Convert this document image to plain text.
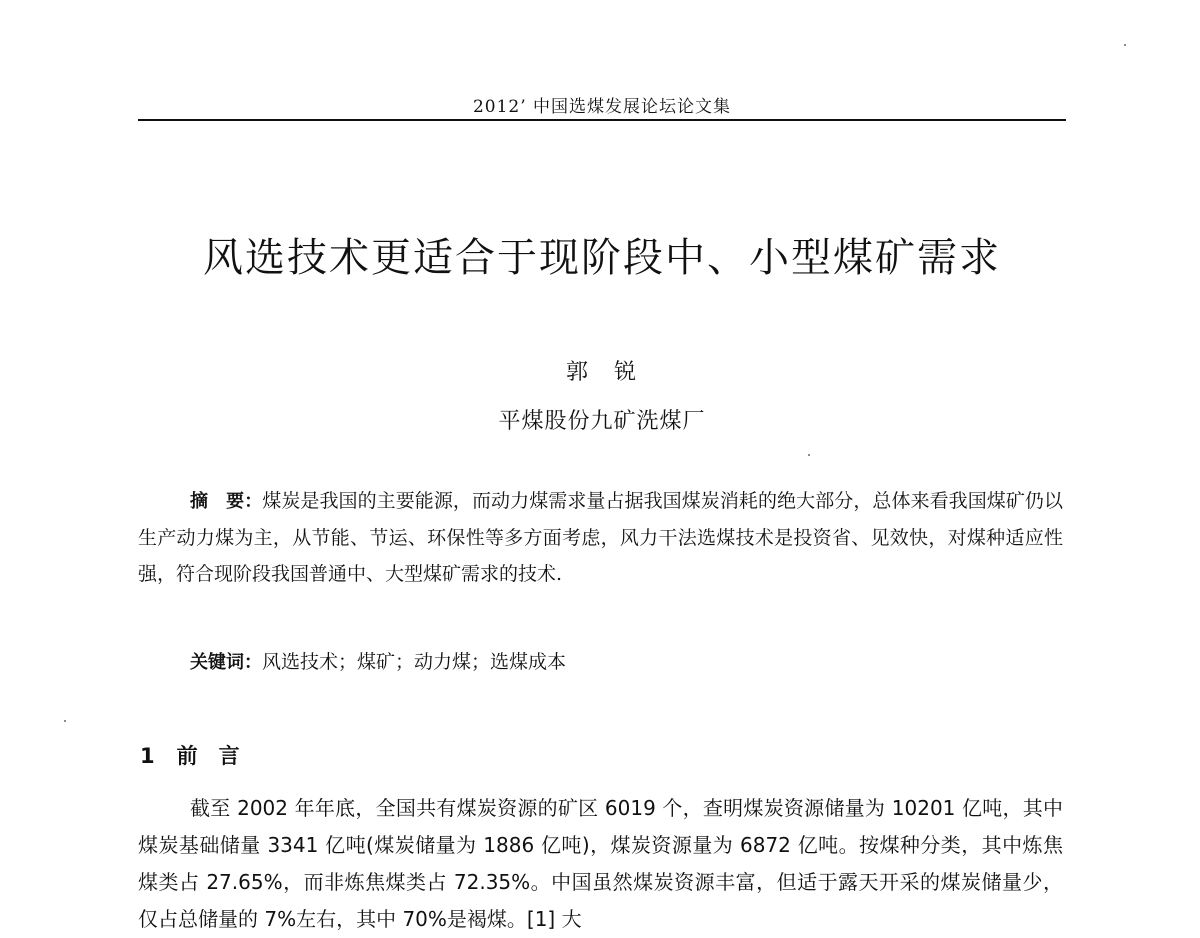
2012’ 中国选煤发展论坛论文集
风选技术更适合于现阶段中、小型煤矿需求
郭　锐
平煤股份九矿洗煤厂
摘　要：煤炭是我国的主要能源，而动力煤需求量占据我国煤炭消耗的绝大部分，总体来看我国煤矿仍以生产动力煤为主，从节能、节运、环保性等多方面考虑，风力干法选煤技术是投资省、见效快，对煤种适应性强，符合现阶段我国普通中、大型煤矿需求的技术.
关键词：风选技术；煤矿；动力煤；选煤成本
1 前　言
截至 2002 年年底，全国共有煤炭资源的矿区 6019 个，查明煤炭资源储量为 10201 亿吨，其中煤炭基础储量 3341 亿吨(煤炭储量为 1886 亿吨)，煤炭资源量为 6872 亿吨。按煤种分类，其中炼焦煤类占 27.65%，而非炼焦煤类占 72.35%。中国虽然煤炭资源丰富，但适于露天开采的煤炭储量少，仅占总储量的 7%左右，其中 70%是褐煤。[1] 大
